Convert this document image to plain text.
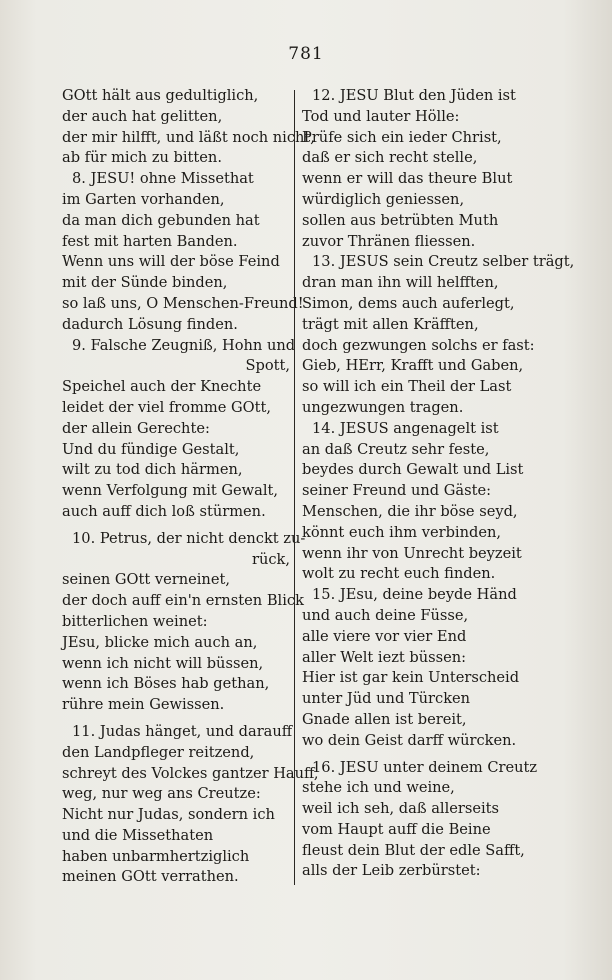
781
GOtt hält aus gedultiglich,
der auch hat gelitten,
der mir hilfft, und läßt noch nicht,
ab für mich zu bitten.
8. JESU! ohne Missethat
im Garten vorhanden,
da man dich gebunden hat
fest mit harten Banden.
Wenn uns will der böse Feind
mit der Sünde binden,
so laß uns, O Menschen-Freund!
dadurch Lösung finden.
9. Falsche Zeugniß, Hohn und
Spott,
Speichel auch der Knechte
leidet der viel fromme GOtt,
der allein Gerechte:
Und du fündige Gestalt,
wilt zu tod dich härmen,
wenn Verfolgung mit Gewalt,
auch auff dich loß stürmen.
10. Petrus, der nicht denckt zu-
rück,
seinen GOtt verneinet,
der doch auff ein'n ernsten Blick
bitterlichen weinet:
JEsu, blicke mich auch an,
wenn ich nicht will büssen,
wenn ich Böses hab gethan,
rühre mein Gewissen.
11. Judas hänget, und darauff
den Landpfleger reitzend,
schreyt des Volckes gantzer Hauff,
weg, nur weg ans Creutze:
Nicht nur Judas, sondern ich
und die Missethaten
haben unbarmhertziglich
meinen GOtt verrathen.
12. JESU Blut den Jüden ist
Tod und lauter Hölle:
Prüfe sich ein ieder Christ,
daß er sich recht stelle,
wenn er will das theure Blut
würdiglich geniessen,
sollen aus betrübten Muth
zuvor Thränen fliessen.
13. JESUS sein Creutz selber trägt,
dran man ihn will helfften,
Simon, dems auch auferlegt,
trägt mit allen Kräfften,
doch gezwungen solchs er fast:
Gieb, HErr, Krafft und Gaben,
so will ich ein Theil der Last
ungezwungen tragen.
14. JESUS angenagelt ist
an daß Creutz sehr feste,
beydes durch Gewalt und List
seiner Freund und Gäste:
Menschen, die ihr böse seyd,
könnt euch ihm verbinden,
wenn ihr von Unrecht beyzeit
wolt zu recht euch finden.
15. JEsu, deine beyde Händ
und auch deine Füsse,
alle viere vor vier End
aller Welt iezt büssen:
Hier ist gar kein Unterscheid
unter Jüd und Türcken
Gnade allen ist bereit,
wo dein Geist darff würcken.
16. JESU unter deinem Creutz
stehe ich und weine,
weil ich seh, daß allerseits
vom Haupt auff die Beine
fleust dein Blut der edle Safft,
alls der Leib zerbürstet:
